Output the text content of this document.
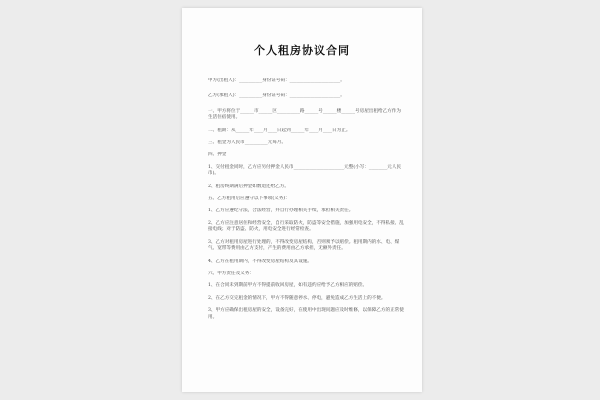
个人租房协议合同

甲方(出租人)：__________身份证号码：______________________。

乙方(承租人)：__________身份证号码：______________________。

一、甲方将位于______市______区__________路______号______楼______号房屋出租给乙方作为生活住宿使用。

二、租期：从______年____月____日起到______年____月____日为止。

三、租金为人民币__________元每月。

四、押金

1、交付租金同时，乙方应另付押金人民币______________________元整(小写：________元人民币)。

2、租房终期满后押金如数退还给乙方。

五、乙方租用后应遵守以下事项(义务)：

1、乙方应遵纪守法，合法经营，并自行办理相关手续，承担相关责任。

2、乙方应注意居住和经营安全，自行采取防火，防盗等安全措施，加强用电安全，不得私接、乱接电线；对于防盗、防火，用电安全进行经常检查。

3、乙方对租用房屋进行处理的，不得改变房屋结构，否则须予以赔偿。租用期内的水、电、煤气、宽带等费用由乙方支付，产生的费用由乙方承担，无额外责任。

4、乙方在租用期内，不得改变房屋结构及其设施。

六、甲方责任及义务：

1、在合同未到期前甲方不得提前收回房屋，如有违约应给予乙方相应的赔偿。

2、在乙方交完租金的情况下，甲方不得随意停水、停电，避免造成乙方生活上的不便。

3、甲方应确保出租房屋的安全，设备完好，在使用中出现问题应及时维修，以保障乙方的正常使用。
